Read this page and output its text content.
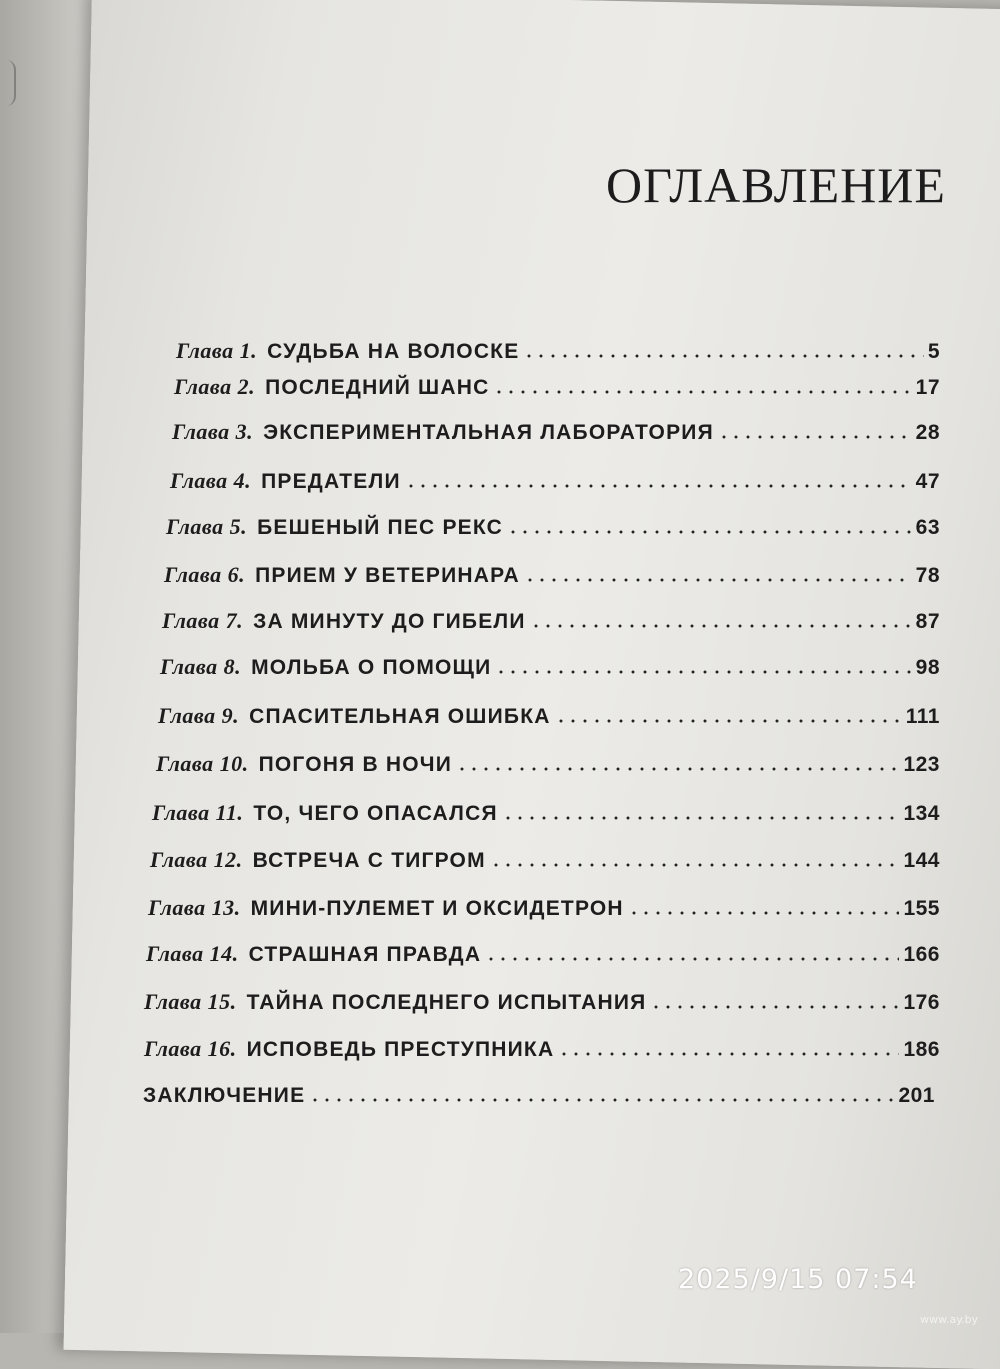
ОГЛАВЛЕНИЕ
Глава 1. СУДЬБА НА ВОЛОСКЕ	5
Глава 2. ПОСЛЕДНИЙ ШАНС	17
Глава 3. ЭКСПЕРИМЕНТАЛЬНАЯ ЛАБОРАТОРИЯ	28
Глава 4. ПРЕДАТЕЛИ	47
Глава 5. БЕШЕНЫЙ ПЕС РЕКС	63
Глава 6. ПРИЕМ У ВЕТЕРИНАРА	78
Глава 7. ЗА МИНУТУ ДО ГИБЕЛИ	87
Глава 8. МОЛЬБА О ПОМОЩИ	98
Глава 9. СПАСИТЕЛЬНАЯ ОШИБКА	111
Глава 10. ПОГОНЯ В НОЧИ	123
Глава 11. ТО, ЧЕГО ОПАСАЛСЯ	134
Глава 12. ВСТРЕЧА С ТИГРОМ	144
Глава 13. МИНИ-ПУЛЕМЕТ И ОКСИДЕТРОН	155
Глава 14. СТРАШНАЯ ПРАВДА	166
Глава 15. ТАЙНА ПОСЛЕДНЕГО ИСПЫТАНИЯ	176
Глава 16. ИСПОВЕДЬ ПРЕСТУПНИКА	186
ЗАКЛЮЧЕНИЕ	201
2025/9/15 07:54
www.ay.by
